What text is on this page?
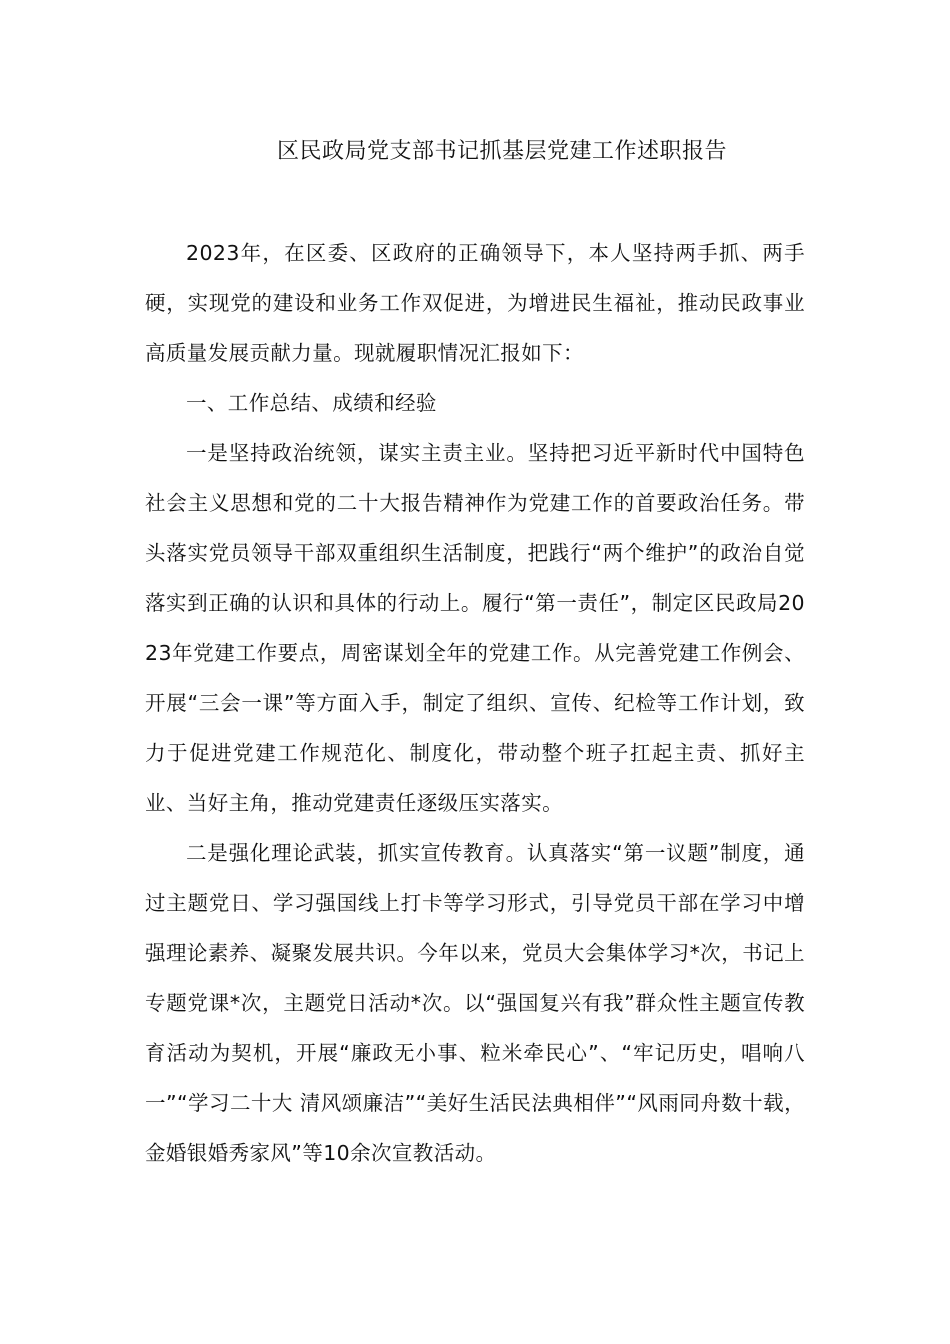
区民政局党支部书记抓基层党建工作述职报告

2023年，在区委、区政府的正确领导下，本人坚持两手抓、两手硬，实现党的建设和业务工作双促进，为增进民生福祉，推动民政事业高质量发展贡献力量。现就履职情况汇报如下：

一、工作总结、成绩和经验

一是坚持政治统领，谋实主责主业。坚持把习近平新时代中国特色社会主义思想和党的二十大报告精神作为党建工作的首要政治任务。带头落实党员领导干部双重组织生活制度，把践行“两个维护”的政治自觉落实到正确的认识和具体的行动上。履行“第一责任”，制定区民政局2023年党建工作要点，周密谋划全年的党建工作。从完善党建工作例会、开展“三会一课”等方面入手，制定了组织、宣传、纪检等工作计划，致力于促进党建工作规范化、制度化，带动整个班子扛起主责、抓好主业、当好主角，推动党建责任逐级压实落实。

二是强化理论武装，抓实宣传教育。认真落实“第一议题”制度，通过主题党日、学习强国线上打卡等学习形式，引导党员干部在学习中增强理论素养、凝聚发展共识。今年以来，党员大会集体学习*次，书记上专题党课*次，主题党日活动*次。以“强国复兴有我”群众性主题宣传教育活动为契机，开展“廉政无小事、粒米牵民心”、“牢记历史，唱响八一”“学习二十大 清风颂廉洁”“美好生活民法典相伴”“风雨同舟数十载，金婚银婚秀家风”等10余次宣教活动。
